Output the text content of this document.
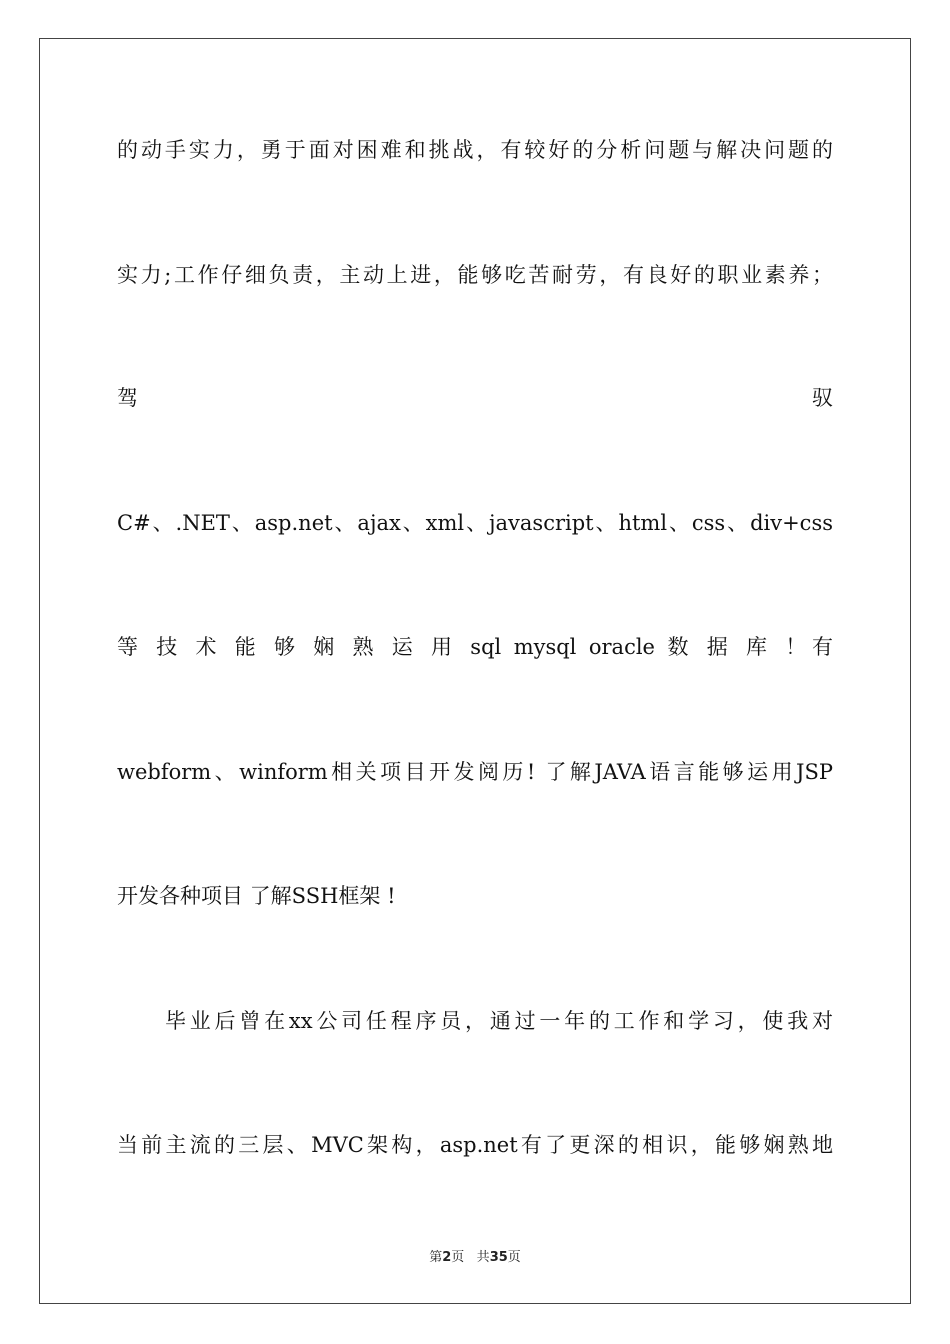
的动手实力，勇于面对困难和挑战，有较好的分析问题与解决问题的
实力;工作仔细负责，主动上进，能够吃苦耐劳，有良好的职业素养；
驾 驭
C#、.NET、asp.net、ajax、xml、javascript、html、css、div+css
等 技 术 能 够 娴 熟 运 用 sql mysql oracle 数 据 库 ！有
webform、winform相关项目开发阅历! 了解JAVA语言能够运用JSP
开发各种项目 了解SSH框架 !
毕业后曾在xx公司任程序员，通过一年的工作和学习，使我对
当前主流的三层、MVC架构，asp.net有了更深的相识，能够娴熟地
第2页 共35页
